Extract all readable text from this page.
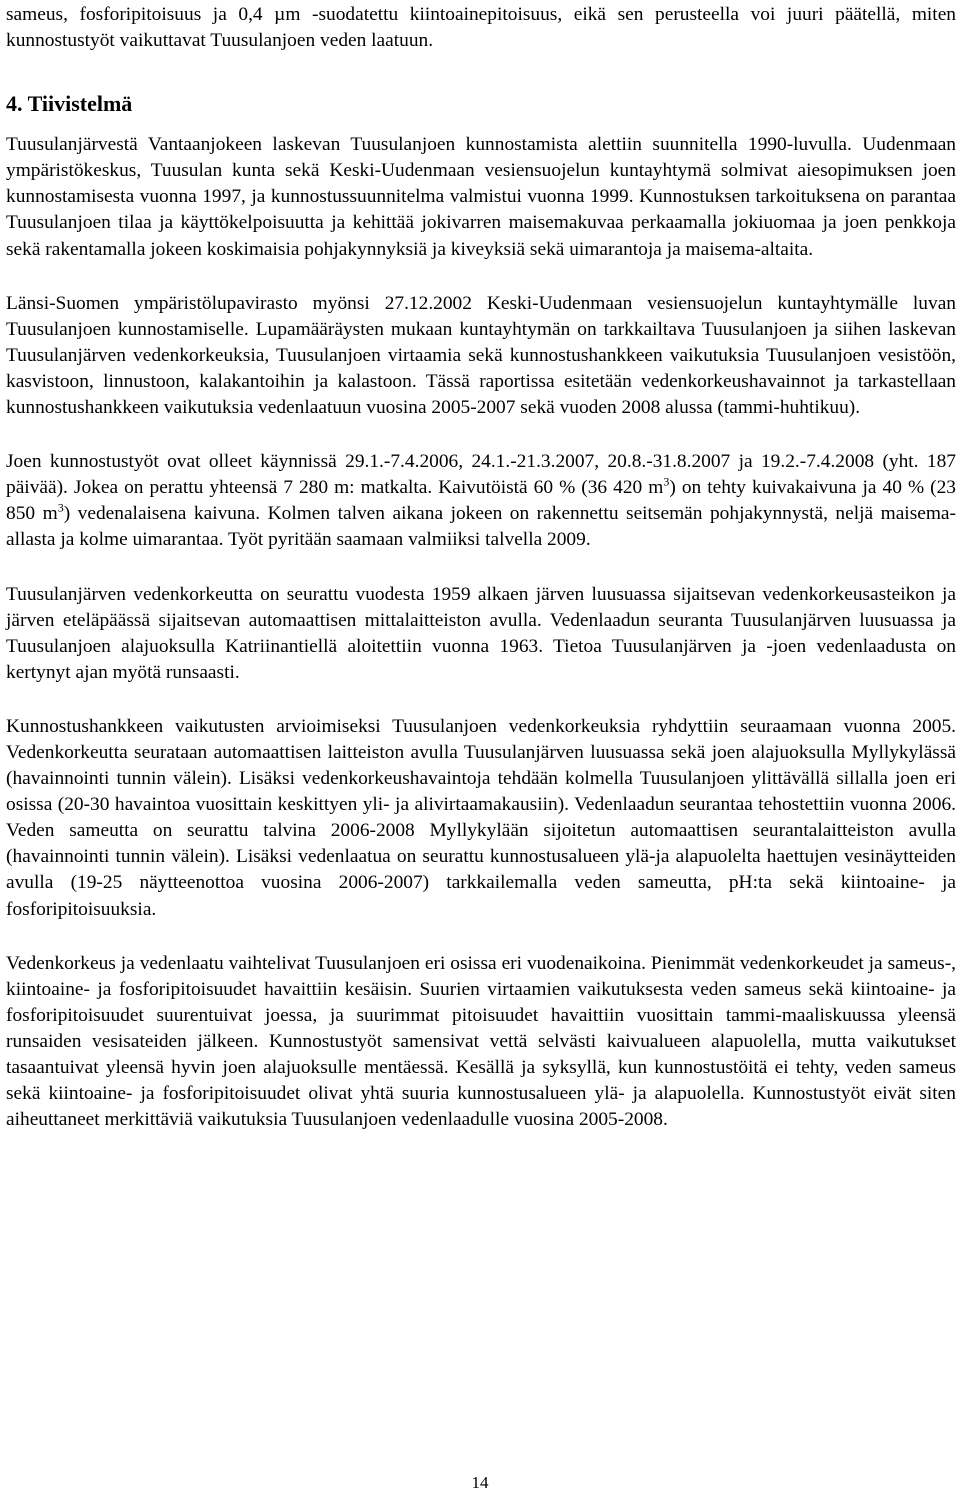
sameus, fosforipitoisuus ja 0,4 µm -suodatettu kiintoainepitoisuus, eikä sen perusteella voi juuri päätellä, miten kunnostustyöt vaikuttavat Tuusulanjoen veden laatuun.

4. Tiivistelmä

Tuusulanjärvestä Vantaanjokeen laskevan Tuusulanjoen kunnostamista alettiin suunnitella 1990-luvulla. Uudenmaan ympäristökeskus, Tuusulan kunta sekä Keski-Uudenmaan vesiensuojelun kuntayhtymä solmivat aiesopimuksen joen kunnostamisesta vuonna 1997, ja kunnostussuunnitelma valmistui vuonna 1999. Kunnostuksen tarkoituksena on parantaa Tuusulanjoen tilaa ja käyttökelpoisuutta ja kehittää jokivarren maisemakuvaa perkaamalla jokiuomaa ja joen penkkoja sekä rakentamalla jokeen koskimaisia pohjakynnyksiä ja kiveyksiä sekä uimarantoja ja maisema-altaita.

Länsi-Suomen ympäristölupavirasto myönsi 27.12.2002 Keski-Uudenmaan vesiensuojelun kuntayhtymälle luvan Tuusulanjoen kunnostamiselle. Lupamääräysten mukaan kuntayhtymän on tarkkailtava Tuusulanjoen ja siihen laskevan Tuusulanjärven vedenkorkeuksia, Tuusulanjoen virtaamia sekä kunnostushankkeen vaikutuksia Tuusulanjoen vesistöön, kasvistoon, linnustoon, kalakantoihin ja kalastoon. Tässä raportissa esitetään vedenkorkeushavainnot ja tarkastellaan kunnostushankkeen vaikutuksia vedenlaatuun vuosina 2005-2007 sekä vuoden 2008 alussa (tammi-huhtikuu).

Joen kunnostustyöt ovat olleet käynnissä 29.1.-7.4.2006, 24.1.-21.3.2007, 20.8.-31.8.2007 ja 19.2.-7.4.2008 (yht. 187 päivää). Jokea on perattu yhteensä 7 280 m: matkalta. Kaivutöistä 60 % (36 420 $m^3$) on tehty kuivakaivuna ja 40 % (23 850 $m^3$) vedenalaisena kaivuna. Kolmen talven aikana jokeen on rakennettu seitsemän pohjakynnystä, neljä maisema-allasta ja kolme uimarantaa. Työt pyritään saamaan valmiiksi talvella 2009.

Tuusulanjärven vedenkorkeutta on seurattu vuodesta 1959 alkaen järven luusuassa sijaitsevan vedenkorkeusasteikon ja järven eteläpäässä sijaitsevan automaattisen mittalaitteiston avulla. Vedenlaadun seuranta Tuusulanjärven luusuassa ja Tuusulanjoen alajuoksulla Katriinantiellä aloitettiin vuonna 1963. Tietoa Tuusulanjärven ja -joen vedenlaadusta on kertynyt ajan myötä runsaasti.

Kunnostushankkeen vaikutusten arvioimiseksi Tuusulanjoen vedenkorkeuksia ryhdyttiin seuraamaan vuonna 2005. Vedenkorkeutta seurataan automaattisen laitteiston avulla Tuusulanjärven luusuassa sekä joen alajuoksulla Myllykylässä (havainnointi tunnin välein). Lisäksi vedenkorkeushavaintoja tehdään kolmella Tuusulanjoen ylittävällä sillalla joen eri osissa (20-30 havaintoa vuosittain keskittyen yli- ja alivirtaamakausiin). Vedenlaadun seurantaa tehostettiin vuonna 2006. Veden sameutta on seurattu talvina 2006-2008 Myllykylään sijoitetun automaattisen seurantalaitteiston avulla (havainnointi tunnin välein). Lisäksi vedenlaatua on seurattu kunnostusalueen ylä-ja alapuolelta haettujen vesinäytteiden avulla (19-25 näytteenottoa vuosina 2006-2007) tarkkailemalla veden sameutta, pH:ta sekä kiintoaine- ja fosforipitoisuuksia.

Vedenkorkeus ja vedenlaatu vaihtelivat Tuusulanjoen eri osissa eri vuodenaikoina. Pienimmät vedenkorkeudet ja sameus-, kiintoaine- ja fosforipitoisuudet havaittiin kesäisin. Suurien virtaamien vaikutuksesta veden sameus sekä kiintoaine- ja fosforipitoisuudet suurentuivat joessa, ja suurimmat pitoisuudet havaittiin vuosittain tammi-maaliskuussa yleensä runsaiden vesisateiden jälkeen. Kunnostustyöt samensivat vettä selvästi kaivualueen alapuolella, mutta vaikutukset tasaantuivat yleensä hyvin joen alajuoksulle mentäessä. Kesällä ja syksyllä, kun kunnostustöitä ei tehty, veden sameus sekä kiintoaine- ja fosforipitoisuudet olivat yhtä suuria kunnostusalueen ylä- ja alapuolella. Kunnostustyöt eivät siten aiheuttaneet merkittäviä vaikutuksia Tuusulanjoen vedenlaadulle vuosina 2005-2008.

14
